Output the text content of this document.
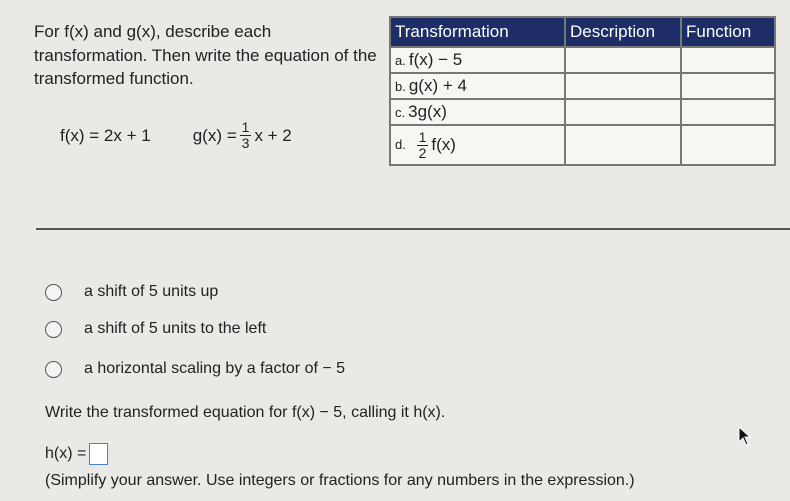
For f(x) and g(x), describe each transformation. Then write the equation of the transformed function.
f(x) = 2x + 1 $g(x) = \frac{1}{3}$ x + 2
Transformation	Description	Function
a. f(x) − 5		
b. g(x) + 4		
c. 3g(x)		
d. $\frac{1}{2} f(x)$		
a shift of 5 units up
a shift of 5 units to the left
a horizontal scaling by a factor of − 5
Write the transformed equation for f(x) − 5, calling it h(x).
h(x) =
(Simplify your answer. Use integers or fractions for any numbers in the expression.)
